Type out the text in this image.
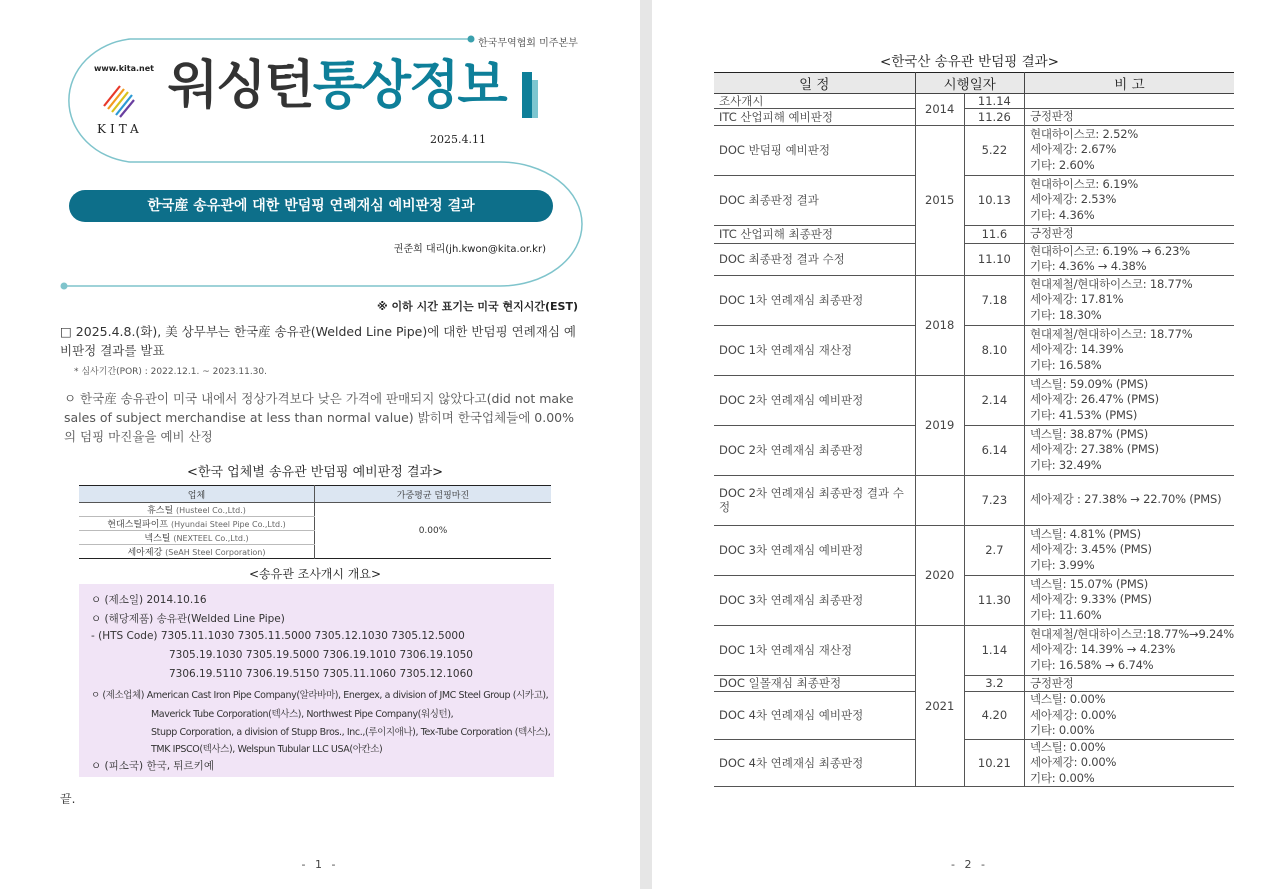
한국무역협회 미주본부
www.kita.net
KITA
워싱턴통상정보
2025.4.11
한국産 송유관에 대한 반덤핑 연례재심 예비판정 결과
권준희 대리(jh.kwon@kita.or.kr)
※ 이하 시간 표기는 미국 현지시간(EST)
□ 2025.4.8.(화), 美 상무부는 한국産 송유관(Welded Line Pipe)에 대한 반덤핑 연례재심 예비판정 결과를 발표
* 심사기간(POR) : 2022.12.1. ~ 2023.11.30.
ㅇ 한국産 송유관이 미국 내에서 정상가격보다 낮은 가격에 판매되지 않았다고(did not make sales of subject merchandise at less than normal value) 밝히며 한국업체들에 0.00%의 덤핑 마진율을 예비 산정
<한국 업체별 송유관 반덤핑 예비판정 결과>
업체	가중평균 덤핑마진
휴스틸 (Husteel Co.,Ltd.)	0.00%
현대스틸파이프 (Hyundai Steel Pipe Co.,Ltd.)	
넥스틸 (NEXTEEL Co.,Ltd.)	
세아제강 (SeAH Steel Corporation)	
<송유관 조사개시 개요>
ㅇ (제소일) 2014.10.16
ㅇ (해당제품) 송유관(Welded Line Pipe)
- (HTS Code) 7305.11.1030 7305.11.5000 7305.12.1030 7305.12.5000
7305.19.1030 7305.19.5000 7306.19.1010 7306.19.1050
7306.19.5110 7306.19.5150 7305.11.1060 7305.12.1060
ㅇ (제소업체) American Cast Iron Pipe Company(알라바마), Energex, a division of JMC Steel Group (시카고),
Maverick Tube Corporation(텍사스), Northwest Pipe Company(워싱턴),
Stupp Corporation, a division of Stupp Bros., Inc.,(루이지애나), Tex-Tube Corporation (텍사스),
TMK IPSCO(텍사스), Welspun Tubular LLC USA(아칸소)
ㅇ (피소국) 한국, 튀르키예
끝.
- 1 -
<한국산 송유관 반덤핑 결과>
일 정	시행일자		비 고
조사개시	2014	11.14	
ITC 산업피해 예비판정		11.26	긍정판정

DOC 반덤핑 예비판정	2015	5.22	현대하이스코: 2.52%
세아제강: 2.67%
기타: 2.60%

DOC 최종판정 결과		10.13	현대하이스코: 6.19%
세아제강: 2.53%
기타: 4.36%

ITC 산업피해 최종판정		11.6	긍정판정

DOC 최종판정 결과 수정		11.10	현대하이스코: 6.19% → 6.23%
기타: 4.36% → 4.38%

DOC 1차 연례재심 최종판정	2018	7.18	현대제철/현대하이스코: 18.77%
세아제강: 17.81%
기타: 18.30%

DOC 1차 연례재심 재산정		8.10	현대제철/현대하이스코: 18.77%
세아제강: 14.39%
기타: 16.58%

DOC 2차 연례재심 예비판정	2019	2.14	넥스틸: 59.09% (PMS)
세아제강: 26.47% (PMS)
기타: 41.53% (PMS)

DOC 2차 연례재심 최종판정		6.14	넥스틸: 38.87% (PMS)
세아제강: 27.38% (PMS)
기타: 32.49%

DOC 2차 연례재심 최종판정 결과 수정		7.23	세아제강 : 27.38% → 22.70% (PMS)

DOC 3차 연례재심 예비판정	2020	2.7	넥스틸: 4.81% (PMS)
세아제강: 3.45% (PMS)
기타: 3.99%

DOC 3차 연례재심 최종판정		11.30	넥스틸: 15.07% (PMS)
세아제강: 9.33% (PMS)
기타: 11.60%

DOC 1차 연례재심 재산정	2021	1.14	현대제철/현대하이스코:18.77%→9.24%
세아제강: 14.39% → 4.23%
기타: 16.58% → 6.74%

DOC 일몰재심 최종판정		3.2	긍정판정

DOC 4차 연례재심 예비판정		4.20	넥스틸: 0.00%
세아제강: 0.00%
기타: 0.00%

DOC 4차 연례재심 최종판정		10.21	넥스틸: 0.00%
세아제강: 0.00%
기타: 0.00%
- 2 -
